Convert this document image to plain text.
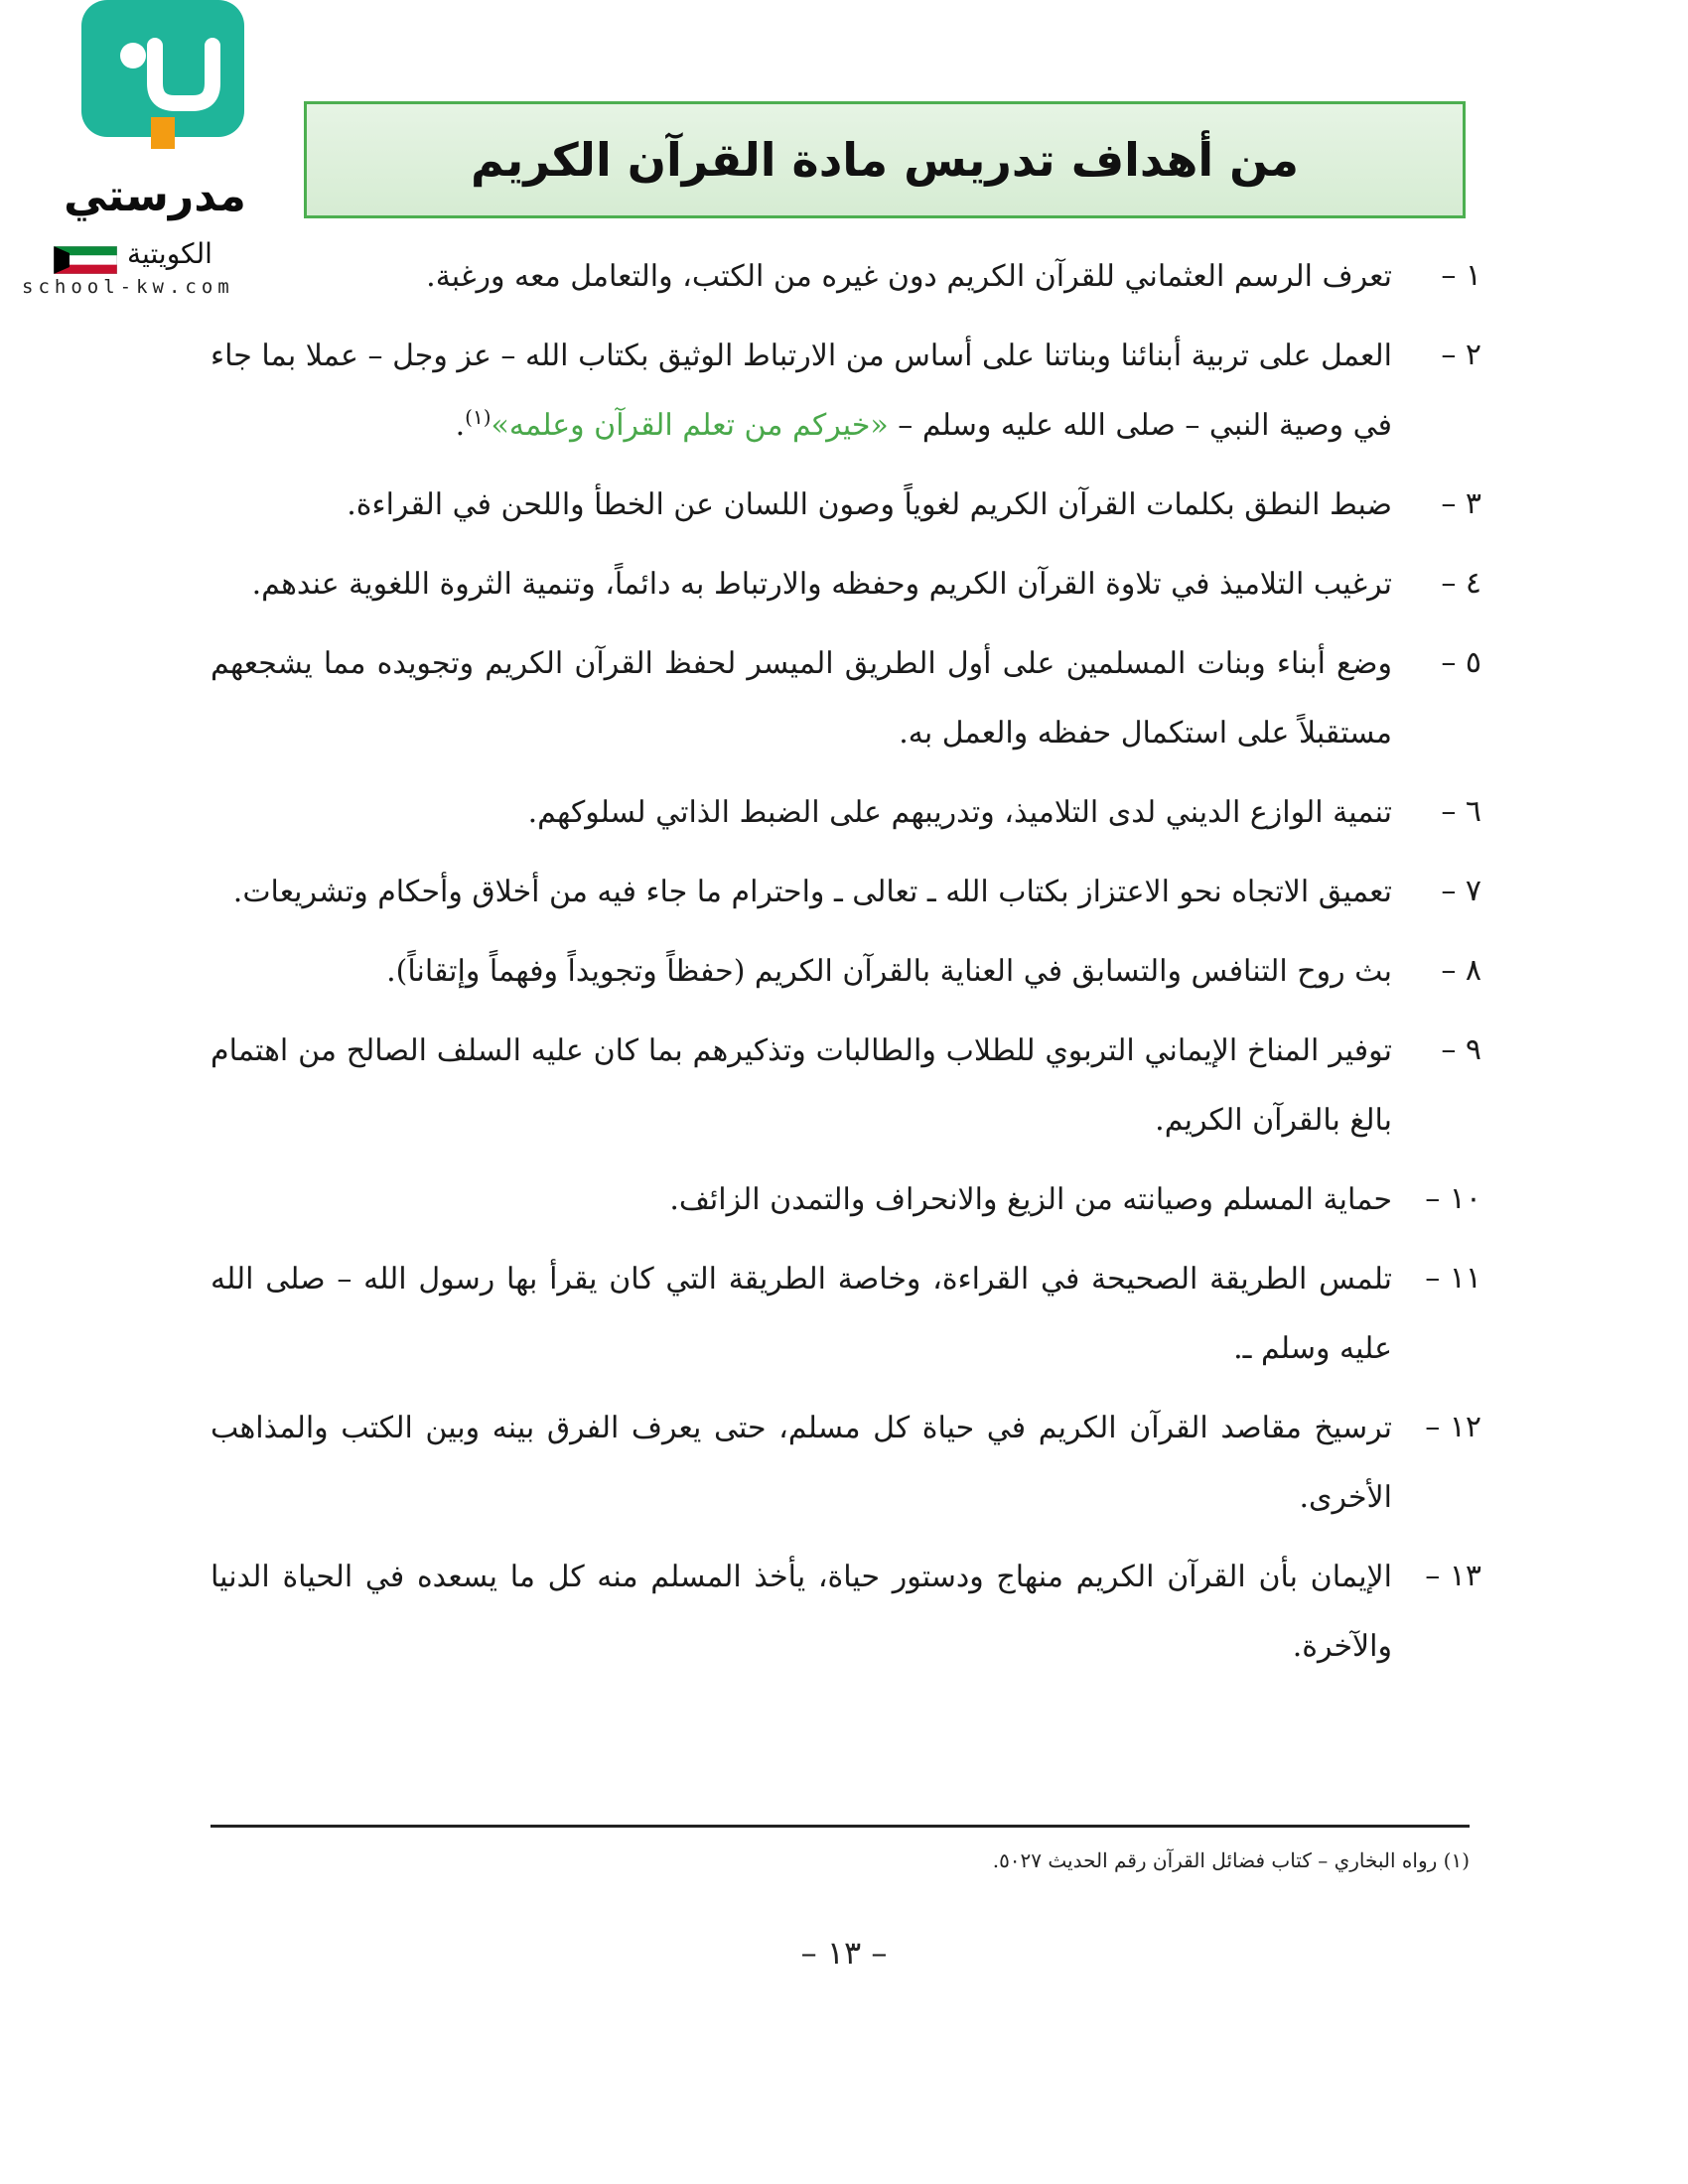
مدرستي
الكويتية
school-kw.com
من أهداف تدريس مادة القرآن الكريم
١ –
تعرف الرسم العثماني للقرآن الكريم دون غيره من الكتب، والتعامل معه ورغبة.
٢ –
العمل على تربية أبنائنا وبناتنا على أساس من الارتباط الوثيق بكتاب الله – عز وجل – عملا بما جاء في وصية النبي – صلى الله عليه وسلم – «خيركم من تعلم القرآن وعلمه»$^{(١)}$.
٣ –
ضبط النطق بكلمات القرآن الكريم لغوياً وصون اللسان عن الخطأ واللحن في القراءة.
٤ –
ترغيب التلاميذ في تلاوة القرآن الكريم وحفظه والارتباط به دائماً، وتنمية الثروة اللغوية عندهم.
٥ –
وضع أبناء وبنات المسلمين على أول الطريق الميسر لحفظ القرآن الكريم وتجويده مما يشجعهم مستقبلاً على استكمال حفظه والعمل به.
٦ –
تنمية الوازع الديني لدى التلاميذ، وتدريبهم على الضبط الذاتي لسلوكهم.
٧ –
تعميق الاتجاه نحو الاعتزاز بكتاب الله ـ تعالى ـ واحترام ما جاء فيه من أخلاق وأحكام وتشريعات.
٨ –
بث روح التنافس والتسابق في العناية بالقرآن الكريم (حفظاً وتجويداً وفهماً وإتقاناً).
٩ –
توفير المناخ الإيماني التربوي للطلاب والطالبات وتذكيرهم بما كان عليه السلف الصالح من اهتمام بالغ بالقرآن الكريم.
١٠ –
حماية المسلم وصيانته من الزيغ والانحراف والتمدن الزائف.
١١ –
تلمس الطريقة الصحيحة في القراءة، وخاصة الطريقة التي كان يقرأ بها رسول الله – صلى الله عليه وسلم ـ.
١٢ –
ترسيخ مقاصد القرآن الكريم في حياة كل مسلم، حتى يعرف الفرق بينه وبين الكتب والمذاهب الأخرى.
١٣ –
الإيمان بأن القرآن الكريم منهاج ودستور حياة، يأخذ المسلم منه كل ما يسعده في الحياة الدنيا والآخرة.
(١) رواه البخاري – كتاب فضائل القرآن رقم الحديث ٥٠٢٧.
– ١٣ –
